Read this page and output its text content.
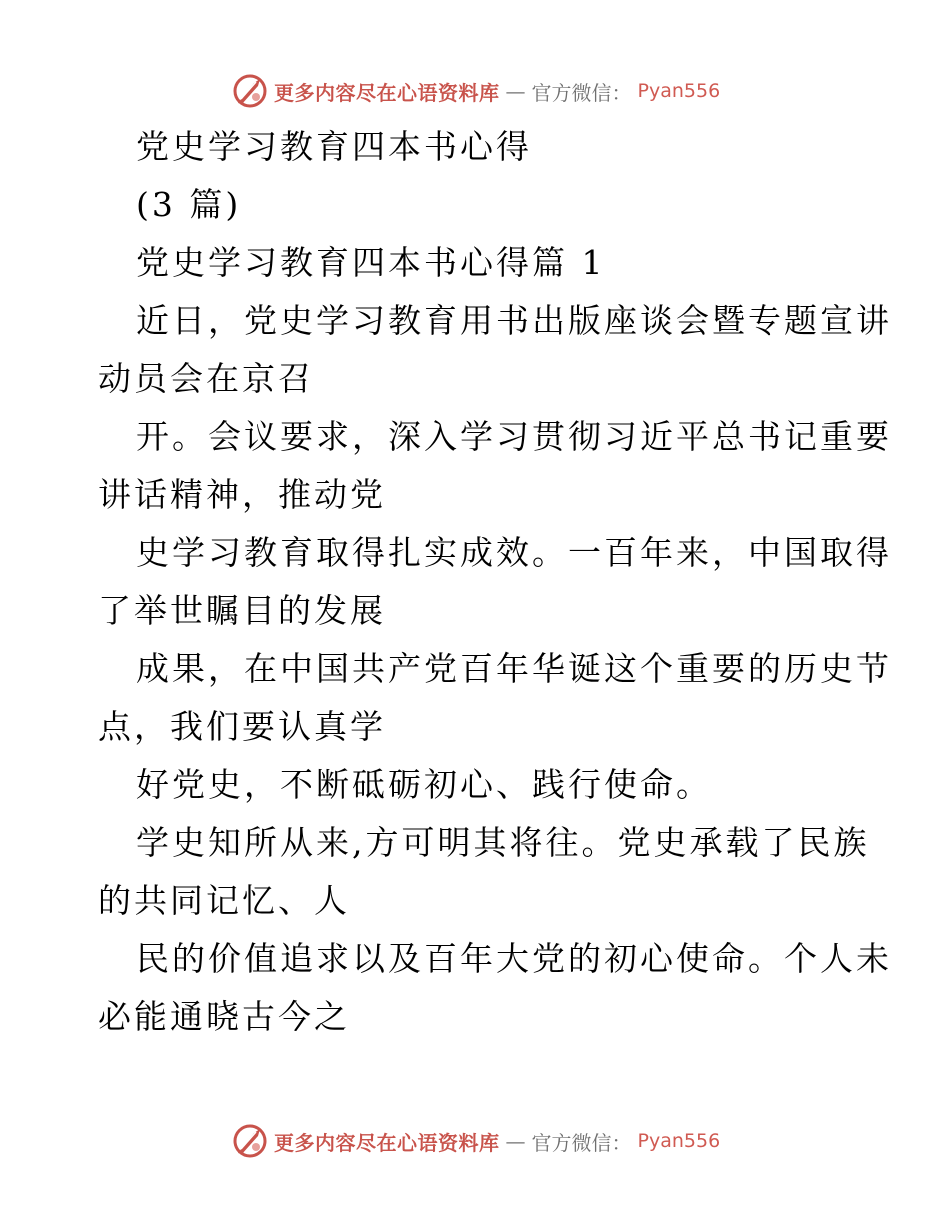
更多内容尽在心语资料库 — 官方微信： Pyan556
党史学习教育四本书心得
(3 篇)
党史学习教育四本书心得篇 1
近日，党史学习教育用书出版座谈会暨专题宣讲
动员会在京召
开。会议要求，深入学习贯彻习近平总书记重要
讲话精神，推动党
史学习教育取得扎实成效。一百年来，中国取得
了举世瞩目的发展
成果，在中国共产党百年华诞这个重要的历史节
点，我们要认真学
好党史，不断砥砺初心、践行使命。
学史知所从来,方可明其将往。党史承载了民族
的共同记忆、人
民的价值追求以及百年大党的初心使命。个人未
必能通晓古今之
更多内容尽在心语资料库 — 官方微信： Pyan556
